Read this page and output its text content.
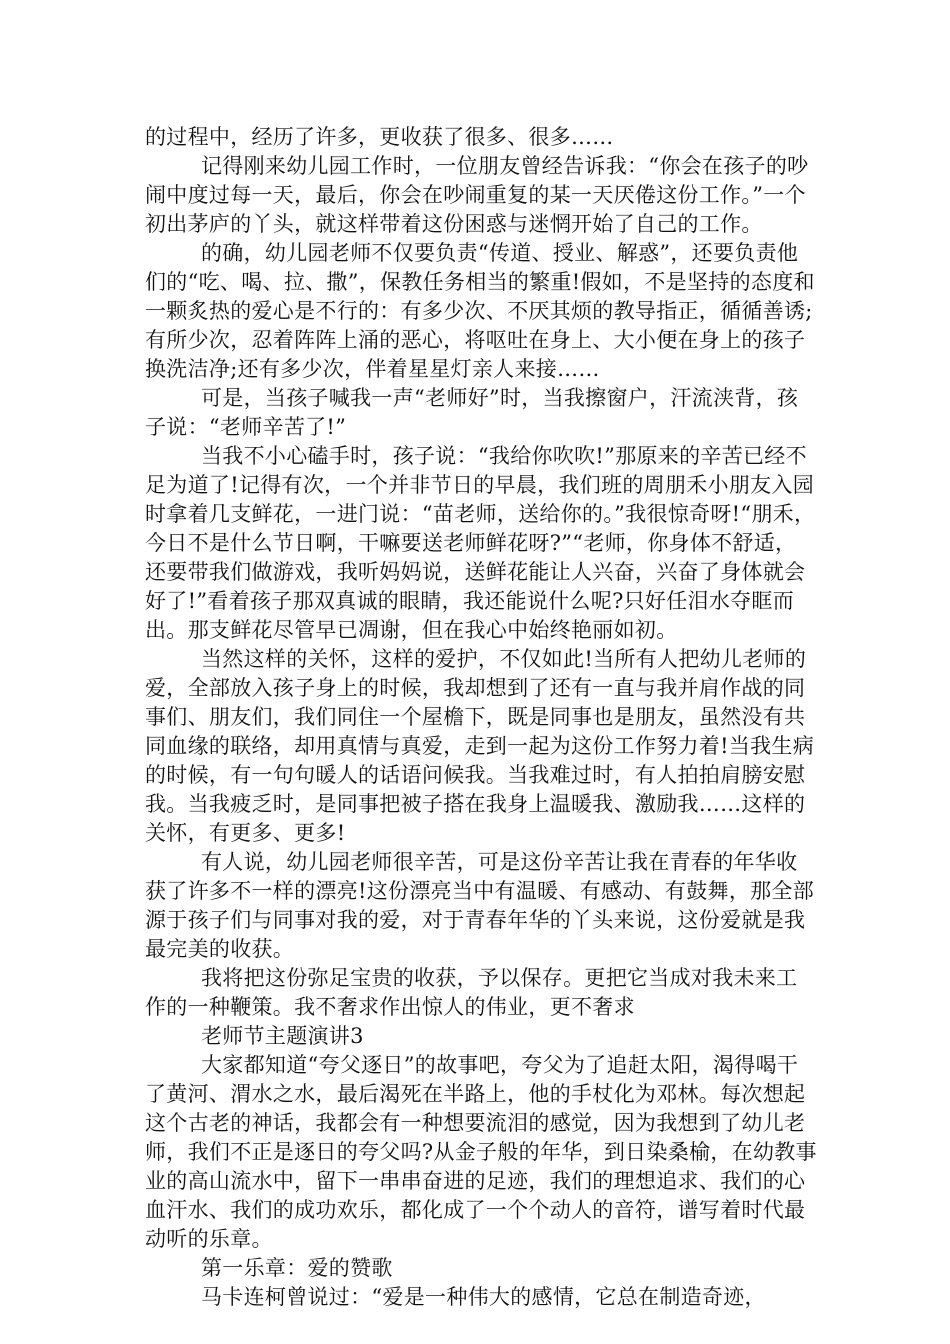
的过程中，经历了许多，更收获了很多、很多……

记得刚来幼儿园工作时，一位朋友曾经告诉我：“你会在孩子的吵闹中度过每一天，最后，你会在吵闹重复的某一天厌倦这份工作。”一个初出茅庐的丫头，就这样带着这份困惑与迷惘开始了自己的工作。

的确，幼儿园老师不仅要负责“传道、授业、解惑”，还要负责他们的“吃、喝、拉、撒”，保教任务相当的繁重!假如，不是坚持的态度和一颗炙热的爱心是不行的：有多少次、不厌其烦的教导指正，循循善诱;有所少次，忍着阵阵上涌的恶心，将呕吐在身上、大小便在身上的孩子换洗洁净;还有多少次，伴着星星灯亲人来接……

可是，当孩子喊我一声“老师好”时，当我擦窗户，汗流浃背，孩子说：“老师辛苦了!”

当我不小心磕手时，孩子说：“我给你吹吹!”那原来的辛苦已经不足为道了!记得有次，一个并非节日的早晨，我们班的周朋禾小朋友入园时拿着几支鲜花，一进门说：“苗老师，送给你的。”我很惊奇呀!“朋禾，今日不是什么节日啊，干嘛要送老师鲜花呀?”“老师，你身体不舒适，还要带我们做游戏，我听妈妈说，送鲜花能让人兴奋，兴奋了身体就会好了!”看着孩子那双真诚的眼睛，我还能说什么呢?只好任泪水夺眶而出。那支鲜花尽管早已凋谢，但在我心中始终艳丽如初。

当然这样的关怀，这样的爱护，不仅如此!当所有人把幼儿老师的爱，全部放入孩子身上的时候，我却想到了还有一直与我并肩作战的同事们、朋友们，我们同住一个屋檐下，既是同事也是朋友，虽然没有共同血缘的联络，却用真情与真爱，走到一起为这份工作努力着!当我生病的时候，有一句句暖人的话语问候我。当我难过时，有人拍拍肩膀安慰我。当我疲乏时，是同事把被子搭在我身上温暖我、激励我……这样的关怀，有更多、更多!

有人说，幼儿园老师很辛苦，可是这份辛苦让我在青春的年华收获了许多不一样的漂亮!这份漂亮当中有温暖、有感动、有鼓舞，那全部源于孩子们与同事对我的爱，对于青春年华的丫头来说，这份爱就是我最完美的收获。

我将把这份弥足宝贵的收获，予以保存。更把它当成对我未来工作的一种鞭策。我不奢求作出惊人的伟业，更不奢求

老师节主题演讲3

大家都知道“夸父逐日”的故事吧，夸父为了追赶太阳，渴得喝干了黄河、渭水之水，最后渴死在半路上，他的手杖化为邓林。每次想起这个古老的神话，我都会有一种想要流泪的感觉，因为我想到了幼儿老师，我们不正是逐日的夸父吗?从金子般的年华，到日染桑榆，在幼教事业的高山流水中，留下一串串奋进的足迹，我们的理想追求、我们的心血汗水、我们的成功欢乐，都化成了一个个动人的音符，谱写着时代最动听的乐章。

第一乐章：爱的赞歌

马卡连柯曾说过：“爱是一种伟大的感情，它总在制造奇迹，
